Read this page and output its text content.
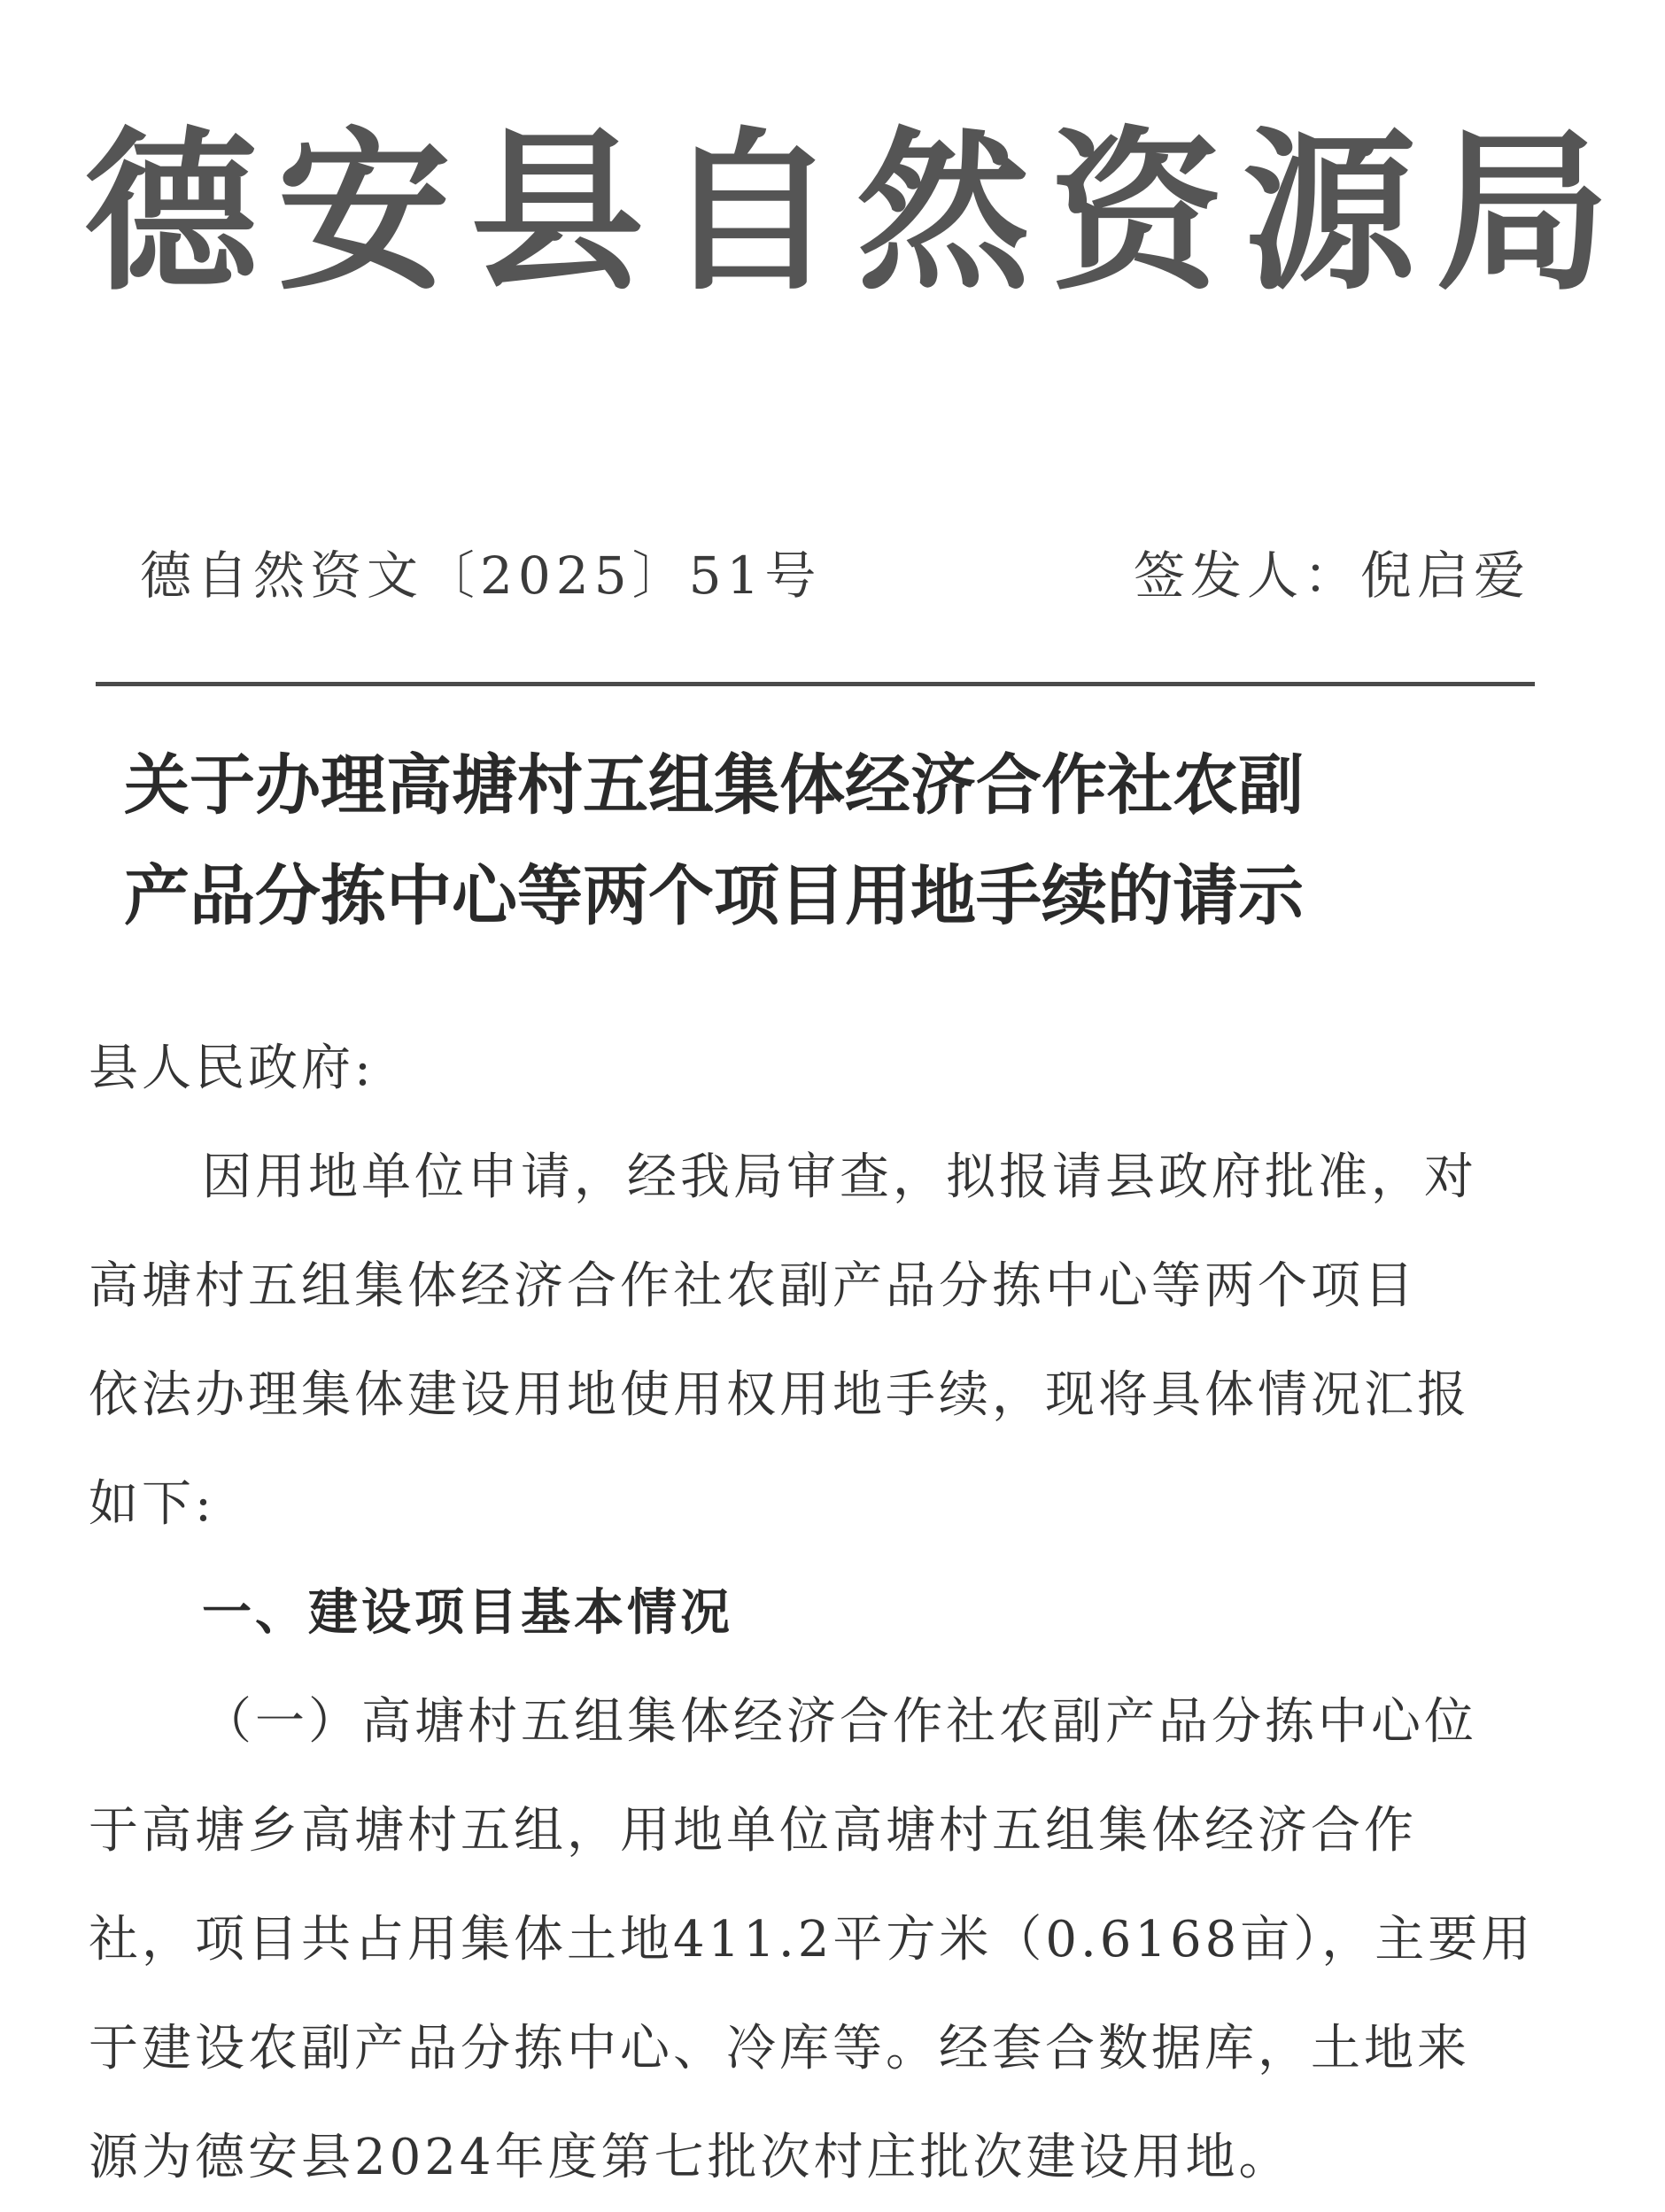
德安县自然资源局
德自然资文〔2025〕51号	签发人：倪启爱
关于办理高塘村五组集体经济合作社农副
产品分拣中心等两个项目用地手续的请示
县人民政府:
因用地单位申请，经我局审查，拟报请县政府批准，对
高塘村五组集体经济合作社农副产品分拣中心等两个项目
依法办理集体建设用地使用权用地手续，现将具体情况汇报
如下:
一、建设项目基本情况
（一）高塘村五组集体经济合作社农副产品分拣中心位
于高塘乡高塘村五组，用地单位高塘村五组集体经济合作
社，项目共占用集体土地411.2平方米（0.6168亩），主要用
于建设农副产品分拣中心、冷库等。经套合数据库，土地来
源为德安县2024年度第七批次村庄批次建设用地。
